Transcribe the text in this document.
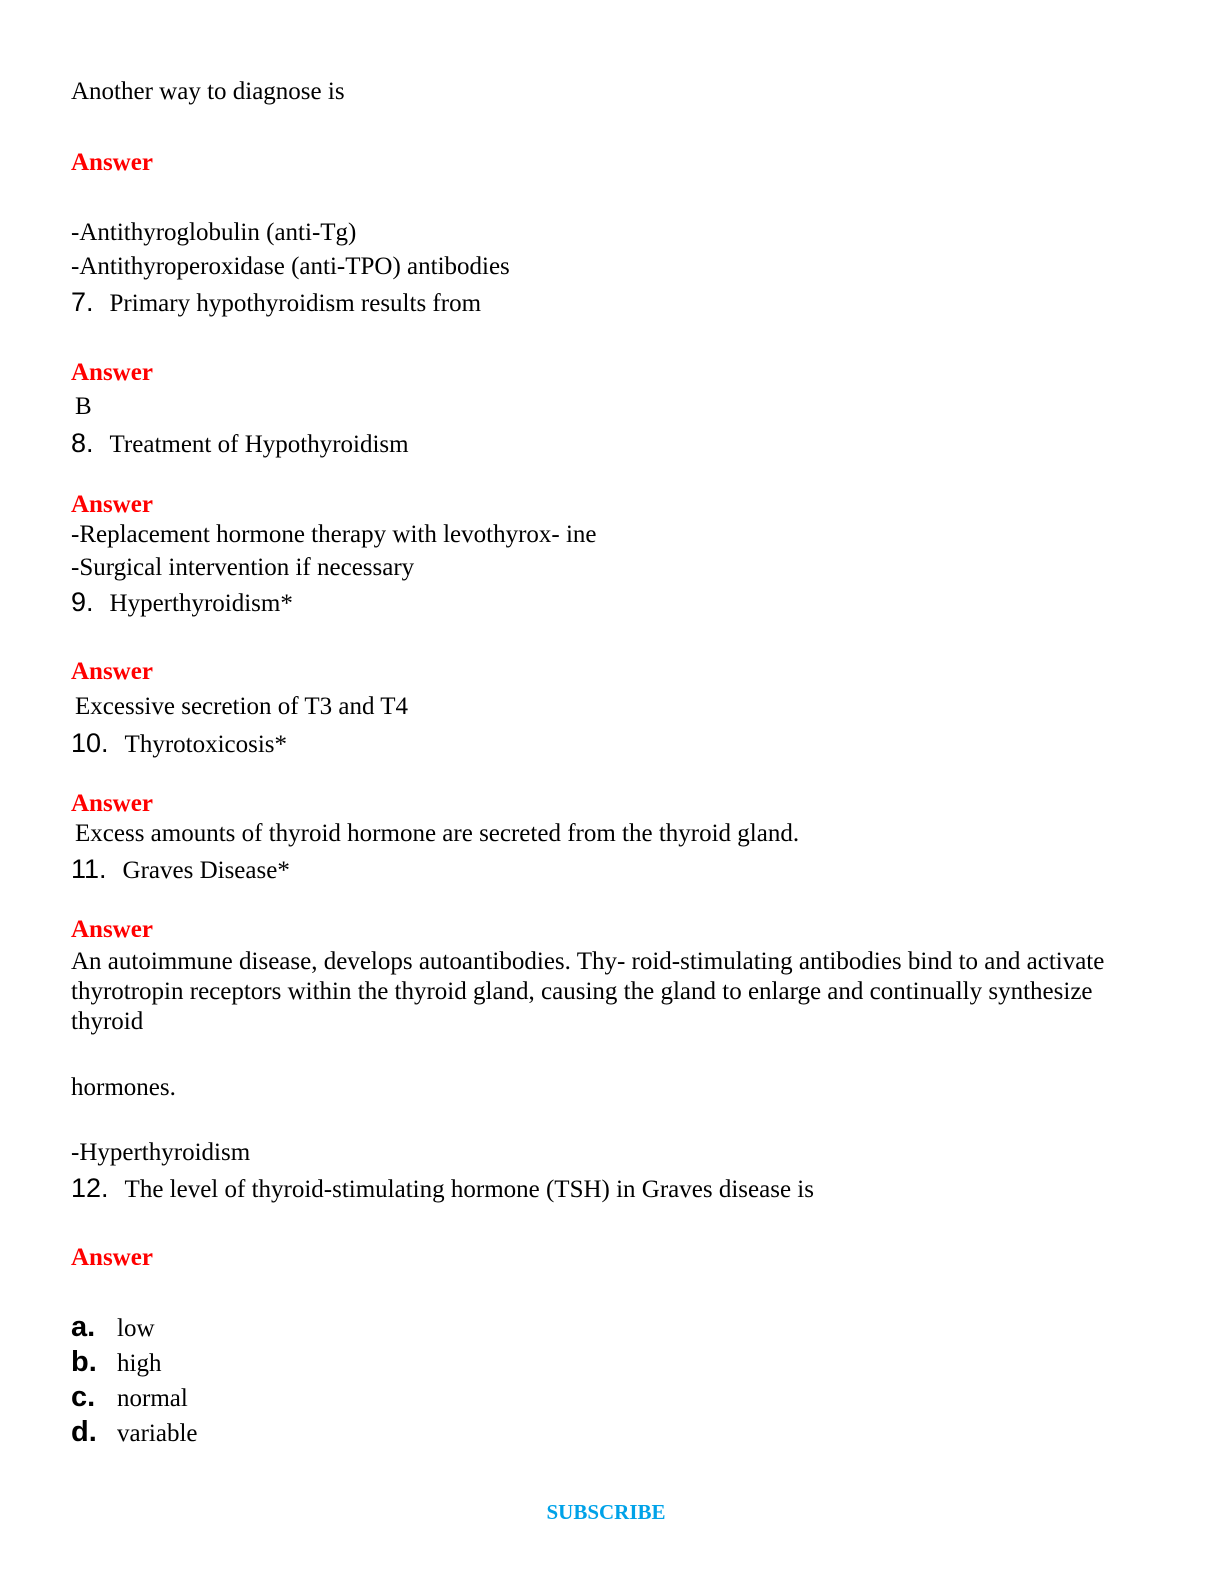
Another way to diagnose is
Answer
-Antithyroglobulin (anti-Tg)
-Antithyroperoxidase (anti-TPO) antibodies
7. Primary hypothyroidism results from
Answer
B
8. Treatment of Hypothyroidism
Answer
-Replacement hormone therapy with levothyrox- ine
-Surgical intervention if necessary
9. Hyperthyroidism*
Answer
Excessive secretion of T3 and T4
10. Thyrotoxicosis*
Answer
Excess amounts of thyroid hormone are secreted from the thyroid gland.
11. Graves Disease*
Answer
An autoimmune disease, develops autoantibodies. Thy- roid-stimulating antibodies bind to and activate thyrotropin receptors within the thyroid gland, causing the gland to enlarge and continually synthesize thyroid
hormones.
-Hyperthyroidism
12. The level of thyroid-stimulating hormone (TSH) in Graves disease is
Answer
a. low
b. high
c. normal
d. variable
SUBSCRIBE
